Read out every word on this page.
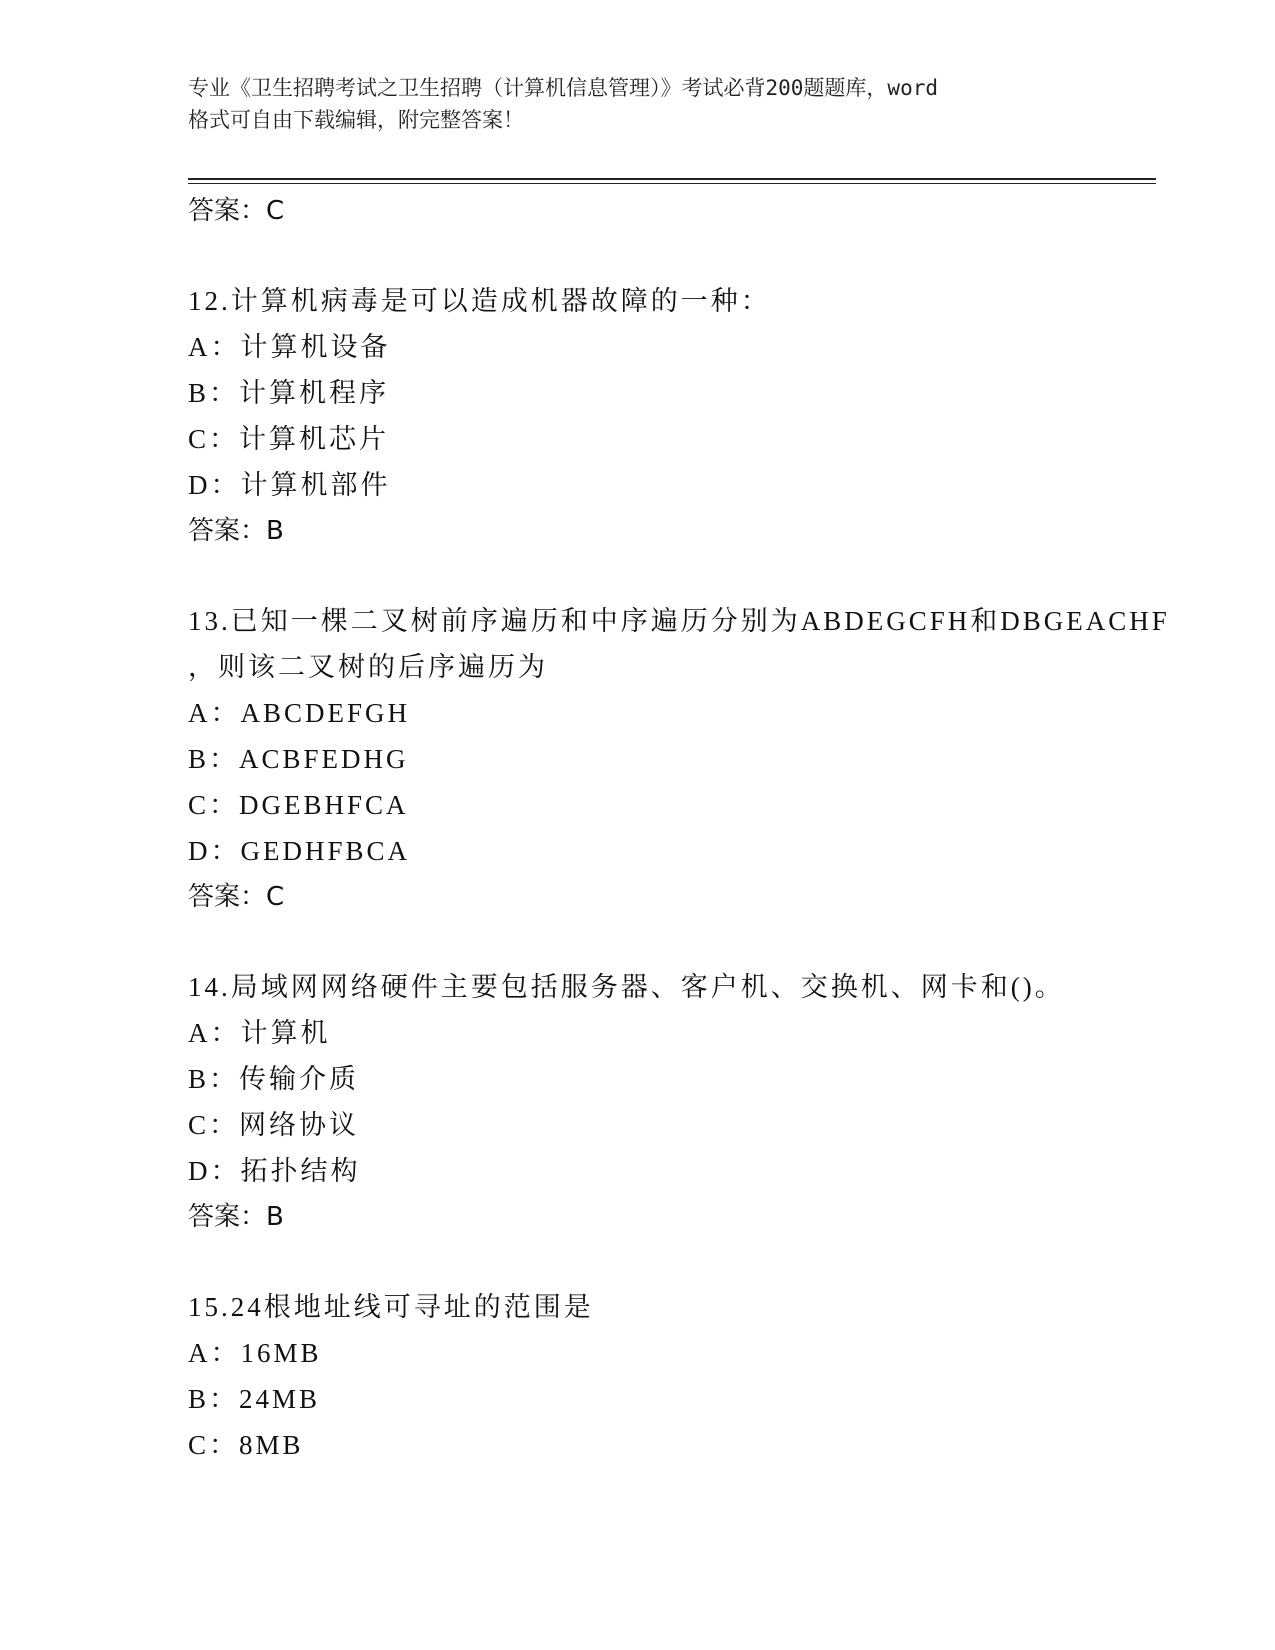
专业《卫生招聘考试之卫生招聘（计算机信息管理）》考试必背200题题库，word
格式可自由下载编辑，附完整答案！
答案：C
12.计算机病毒是可以造成机器故障的一种：
A：计算机设备
B：计算机程序
C：计算机芯片
D：计算机部件
答案：B
13.已知一棵二叉树前序遍历和中序遍历分别为ABDEGCFH和DBGEACHF
，则该二叉树的后序遍历为
A：ABCDEFGH
B：ACBFEDHG
C：DGEBHFCA
D：GEDHFBCA
答案：C
14.局域网网络硬件主要包括服务器、客户机、交换机、网卡和()。
A：计算机
B：传输介质
C：网络协议
D：拓扑结构
答案：B
15.24根地址线可寻址的范围是
A：16MB
B：24MB
C：8MB
